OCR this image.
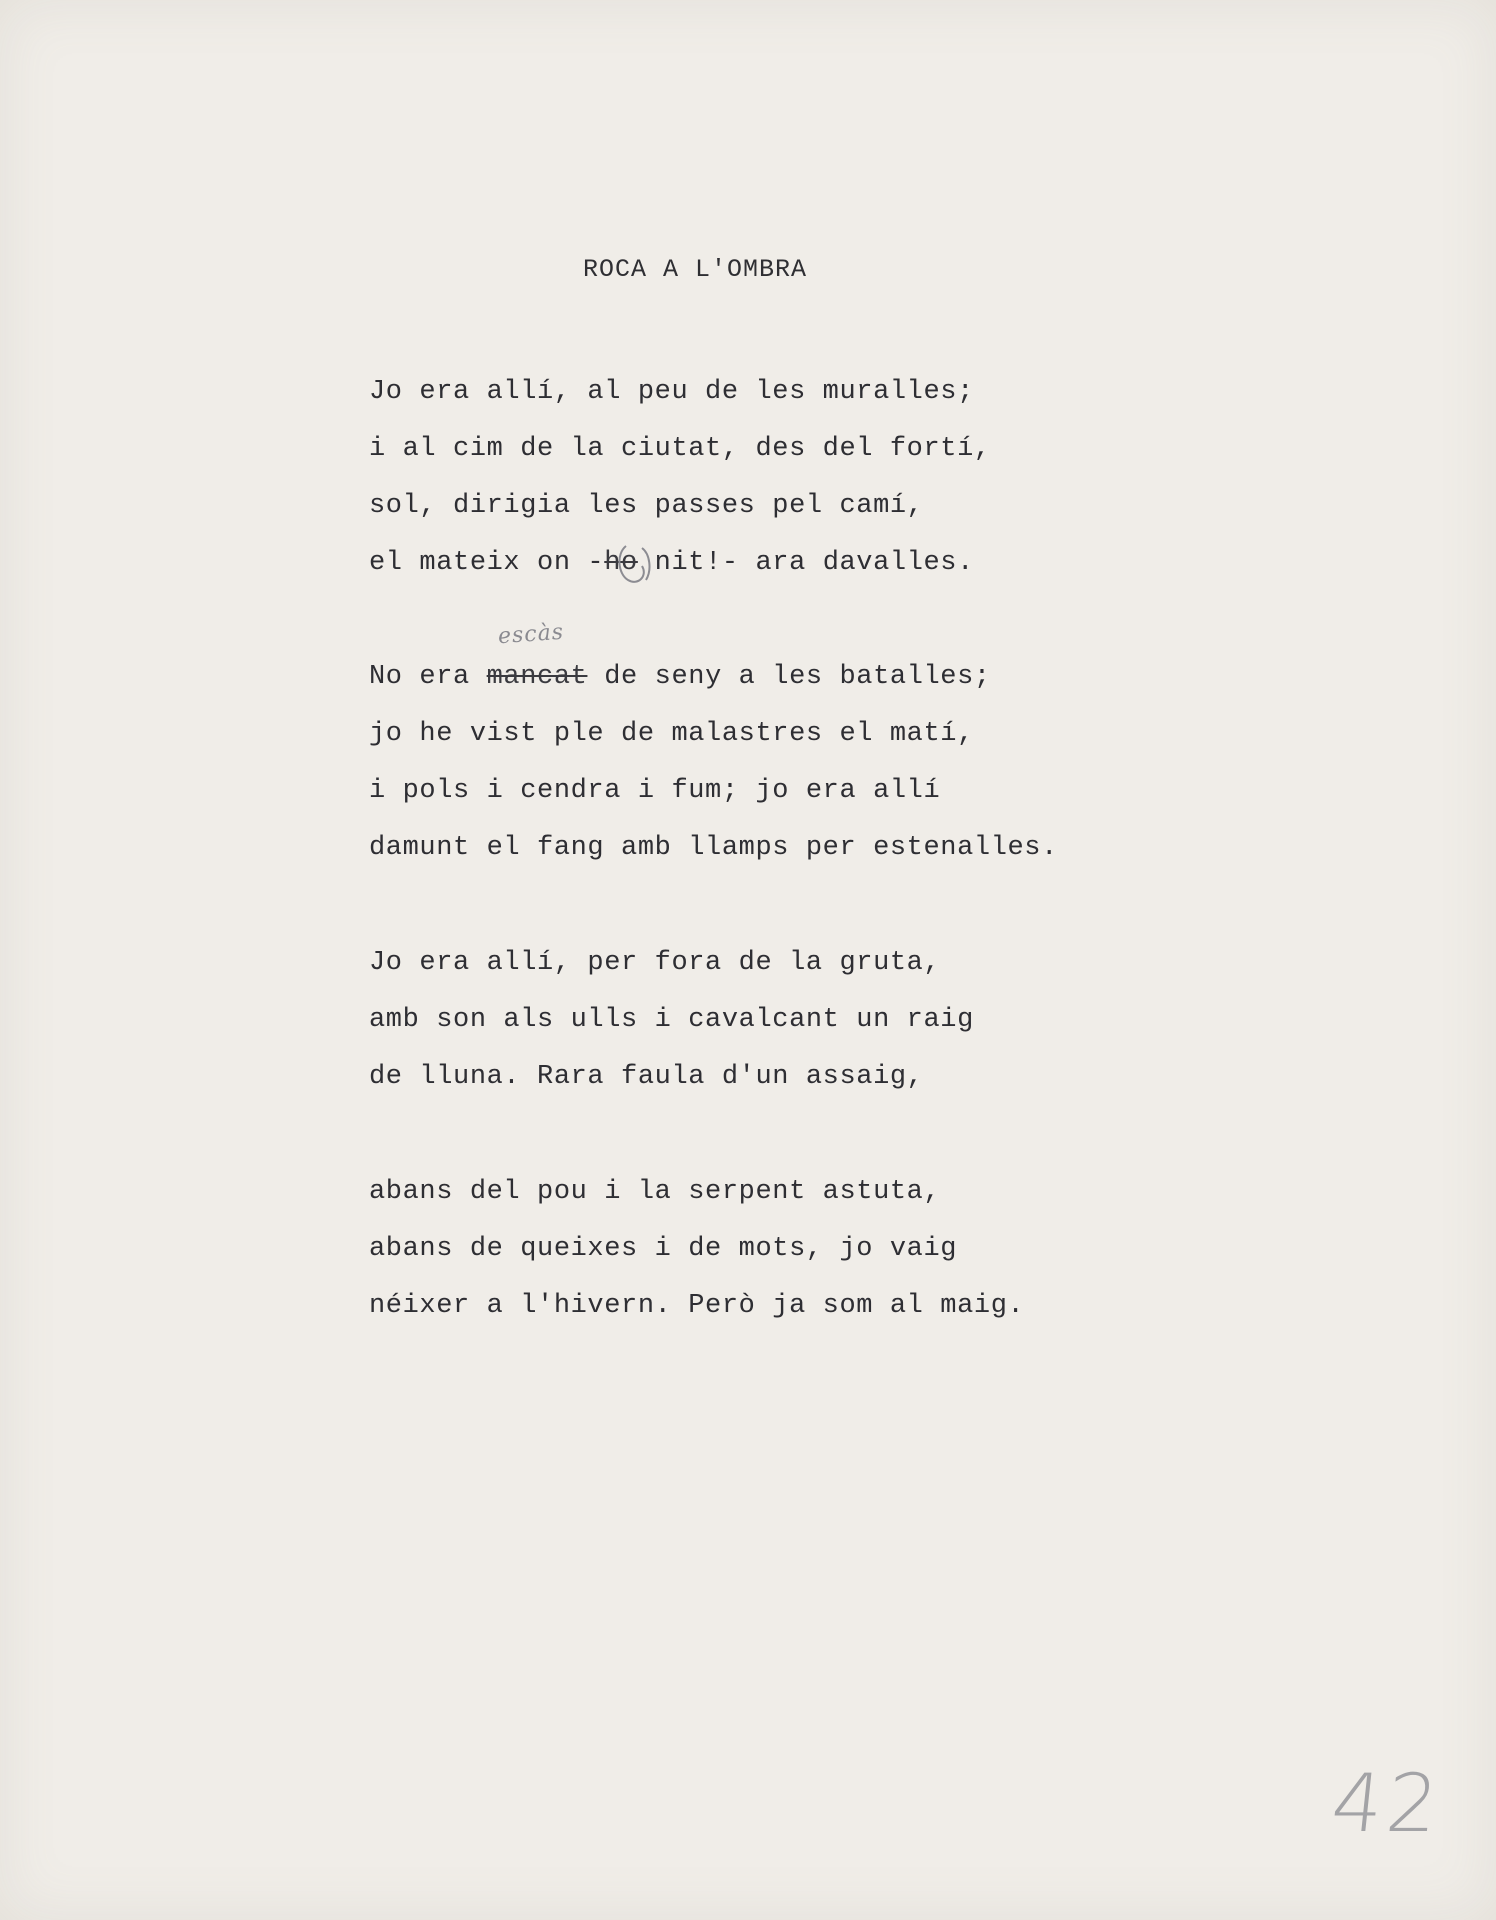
ROCA A L'OMBRA
Jo era allí, al peu de les muralles;
i al cim de la ciutat, des del fortí,
sol, dirigia les passes pel camí,
el mateix on -ho nit!- ara davalles.
No era mancat de seny a les batalles;
jo he vist ple de malastres el matí,
i pols i cendra i fum; jo era allí
damunt el fang amb llamps per estenalles.
Jo era allí, per fora de la gruta,
amb son als ulls i cavalcant un raig
de lluna. Rara faula d'un assaig,
abans del pou i la serpent astuta,
abans de queixes i de mots, jo vaig
néixer a l'hivern. Però ja som al maig.
escàs
42
